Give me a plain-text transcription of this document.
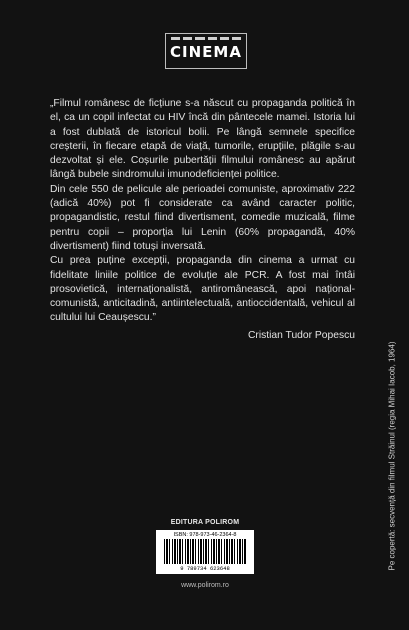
CINEMA

„Filmul românesc de ficțiune s-a născut cu propaganda politică în el, ca un copil infectat cu HIV încă din pântecele mamei. Istoria lui a fost dublată de istoricul bolii. Pe lângă semnele specifice creșterii, în fiecare etapă de viață, tumorile, erupțiile, plăgile s-au dezvoltat și ele. Coșurile pubertății filmului românesc au apărut lângă bubele sindromului imunodeficienței politice.

Din cele 550 de pelicule ale perioadei comuniste, aproximativ 222 (adică 40%) pot fi considerate ca având caracter politic, propagandistic, restul fiind divertisment, comedie muzicală, filme pentru copii – proporția lui Lenin (60% propagandă, 40% divertisment) fiind totuși inversată.

Cu prea puține excepții, propaganda din cinema a urmat cu fidelitate liniile politice de evoluție ale PCR. A fost mai întâi prosovietică, internaționalistă, antiromânească, apoi național-comunistă, anticitadină, antiintelectuală, antioccidentală, vehicul al cultului lui Ceaușescu.”

Cristian Tudor Popescu

Pe copertă: secvență din filmul Străinul (regia Mihai Iacob, 1964)
EDITURA POLIROM
ISBN: 978-973-46-2364-8
9 789734 623648
www.polirom.ro
